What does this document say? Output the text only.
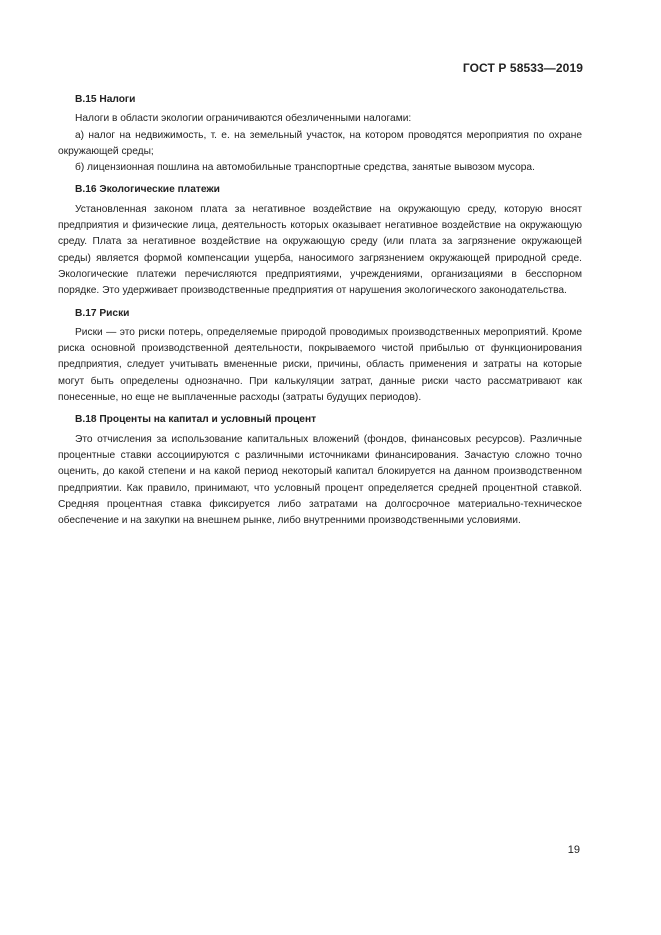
ГОСТ Р 58533—2019
В.15 Налоги

Налоги в области экологии ограничиваются обезличенными налогами:

а) налог на недвижимость, т. е. на земельный участок, на котором проводятся мероприятия по охране окружающей среды;

б) лицензионная пошлина на автомобильные транспортные средства, занятые вывозом мусора.

В.16 Экологические платежи

Установленная законом плата за негативное воздействие на окружающую среду, которую вносят предприятия и физические лица, деятельность которых оказывает негативное воздействие на окружающую среду. Плата за негативное воздействие на окружающую среду (или плата за загрязнение окружающей среды) является формой компенсации ущерба, наносимого загрязнением окружающей природной среде. Экологические платежи перечисляются предприятиями, учреждениями, организациями в бесспорном порядке. Это удерживает производственные предприятия от нарушения экологического законодательства.

В.17 Риски

Риски — это риски потерь, определяемые природой проводимых производственных мероприятий. Кроме риска основной производственной деятельности, покрываемого чистой прибылью от функционирования предприятия, следует учитывать вмененные риски, причины, область применения и затраты на которые могут быть определены однозначно. При калькуляции затрат, данные риски часто рассматривают как понесенные, но еще не выплаченные расходы (затраты будущих периодов).

В.18 Проценты на капитал и условный процент

Это отчисления за использование капитальных вложений (фондов, финансовых ресурсов). Различные процентные ставки ассоциируются с различными источниками финансирования. Зачастую сложно точно оценить, до какой степени и на какой период некоторый капитал блокируется на данном производственном предприятии. Как правило, принимают, что условный процент определяется средней процентной ставкой. Средняя процентная ставка фиксируется либо затратами на долгосрочное материально-техническое обеспечение и на закупки на внешнем рынке, либо внутренними производственными условиями.

19
